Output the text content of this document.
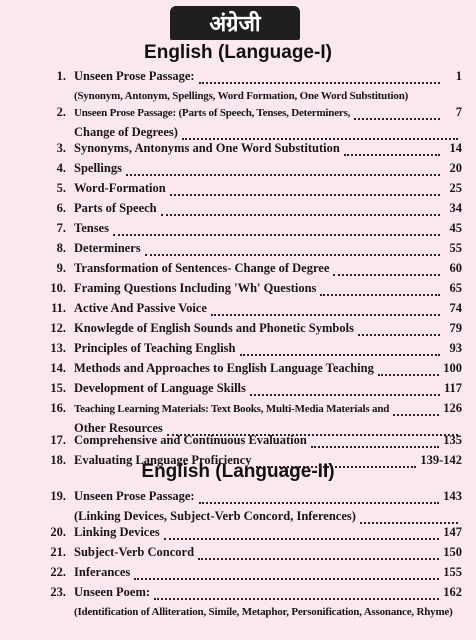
अंग्रेजी
English (Language-I)
English (Language-II)
1. Unseen Prose Passage:	1
(Synonym, Antonym, Spellings, Word Formation, One Word Substitution)
2. Unseen Prose Passage: (Parts of Speech, Tenses, Determiners,	7
Change of Degrees)
3. Synonyms, Antonyms and One Word Substitution	14
4. Spellings	20
5. Word-Formation	25
6. Parts of Speech	34
7. Tenses	45
8. Determiners	55
9. Transformation of Sentences- Change of Degree	60
10. Framing Questions Including 'Wh' Questions	65
11. Active And Passive Voice	74
12. Knowlegde of English Sounds and Phonetic Symbols	79
13. Principles of Teaching English	93
14. Methods and Approaches to English Language Teaching	100
15. Development of Language Skills	117
16. Teaching Learning Materials: Text Books, Multi-Media Materials and	126
Other Resources
17. Comprehensive and Continuous Evaluation	135
18. Evaluating Language Proficiency	139-142
19. Unseen Prose Passage:	143
(Linking Devices, Subject-Verb Concord, Inferences)
20. Linking Devices	147
21. Subject-Verb Concord	150
22. Inferances	155
23. Unseen Poem:	162
(Identification of Alliteration, Simile, Metaphor, Personification, Assonance, Rhyme)
